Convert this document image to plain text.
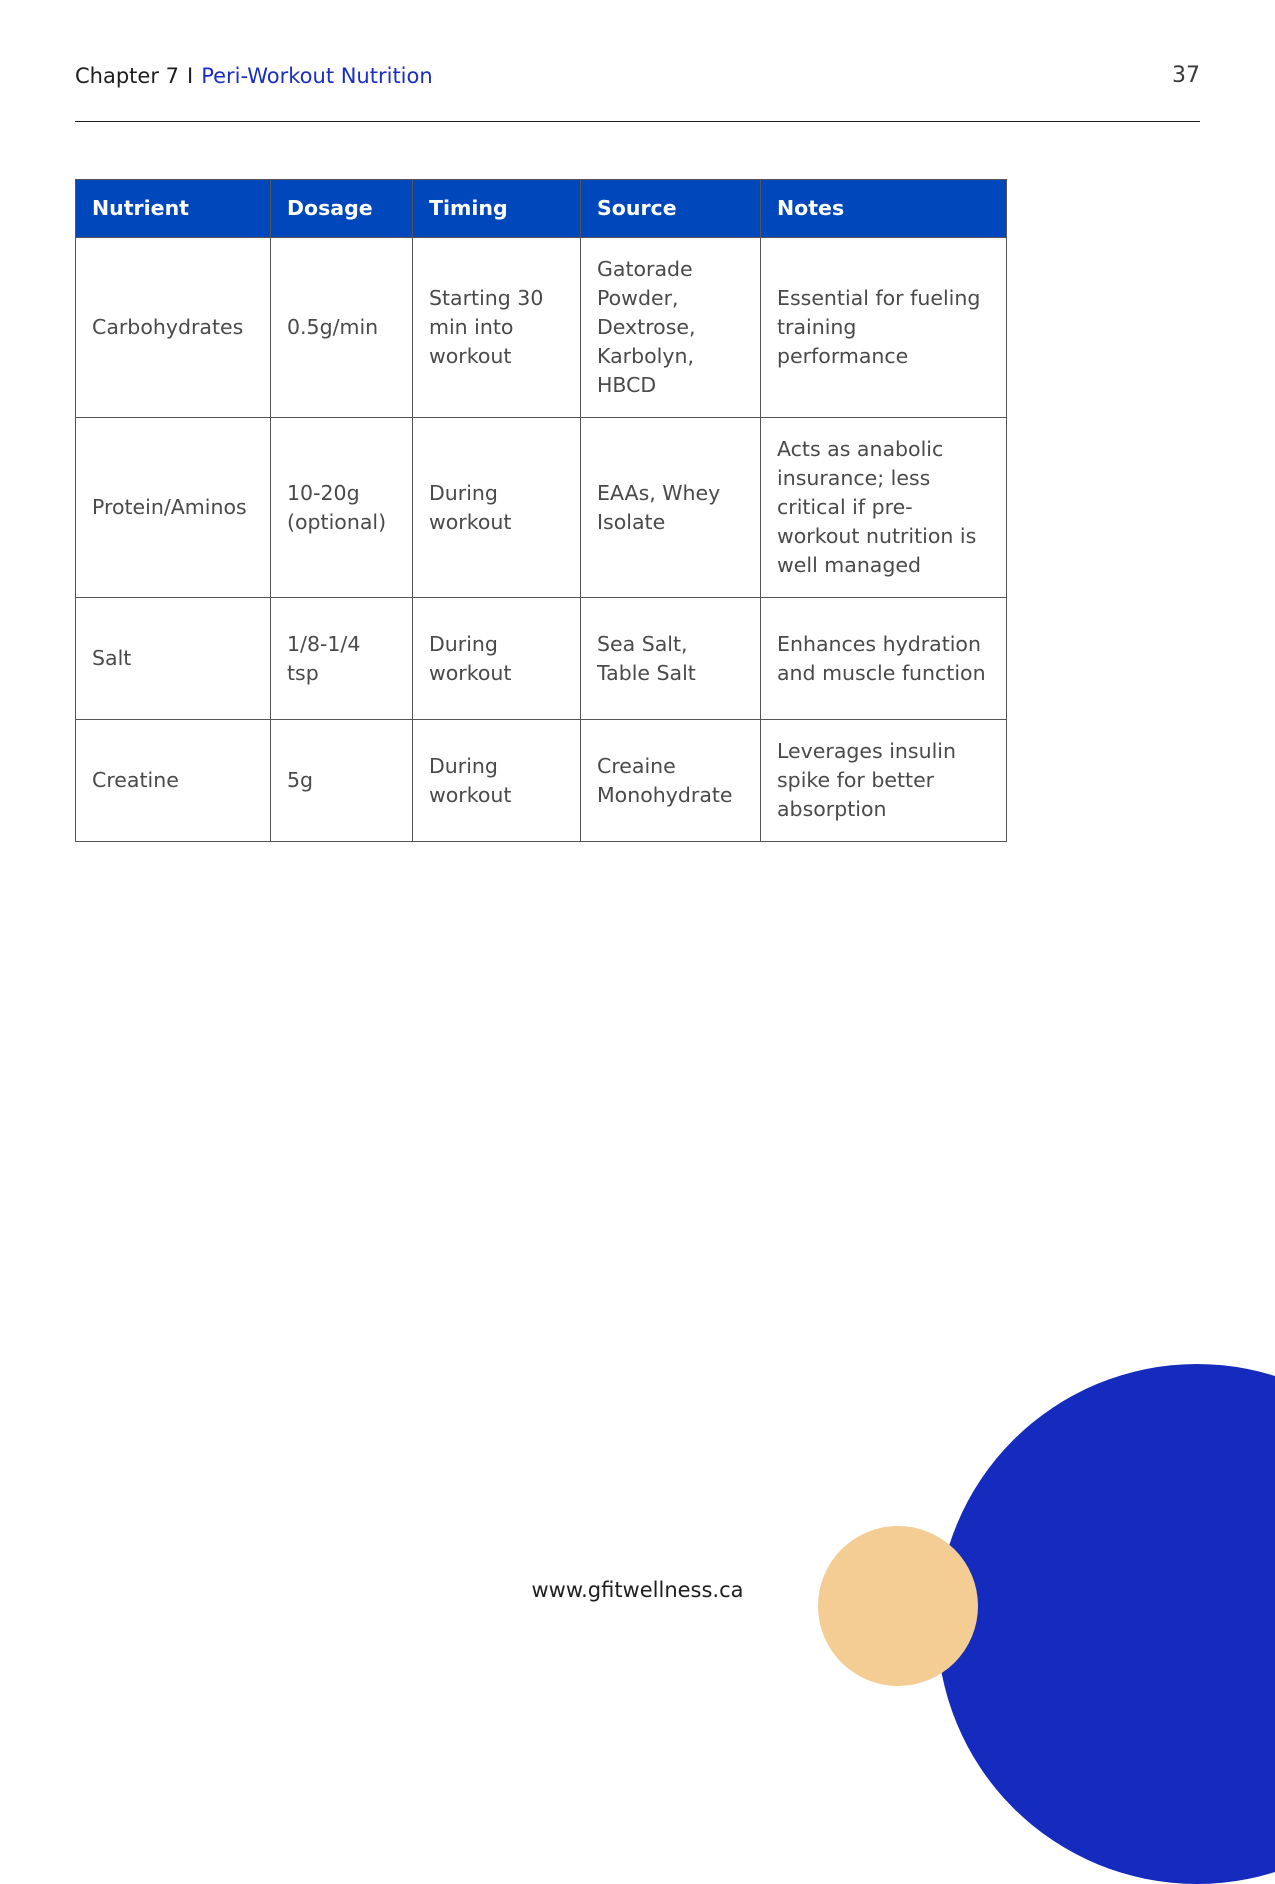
Chapter 7 I Peri-Workout Nutrition	37
Nutrient	Dosage	Timing	Source	Notes
Carbohydrates	0.5g/min	Starting 30 min into workout	Gatorade Powder, Dextrose, Karbolyn, HBCD	Essential for fueling training performance
Protein/Aminos	10-20g (optional)	During workout	EAAs, Whey Isolate	Acts as anabolic insurance; less critical if pre-workout nutrition is well managed
Salt	1/8-1/4 tsp	During workout	Sea Salt, Table Salt	Enhances hydration and muscle function
Creatine	5g	During workout	Creaine Monohydrate	Leverages insulin spike for better absorption
www.gfitwellness.ca
